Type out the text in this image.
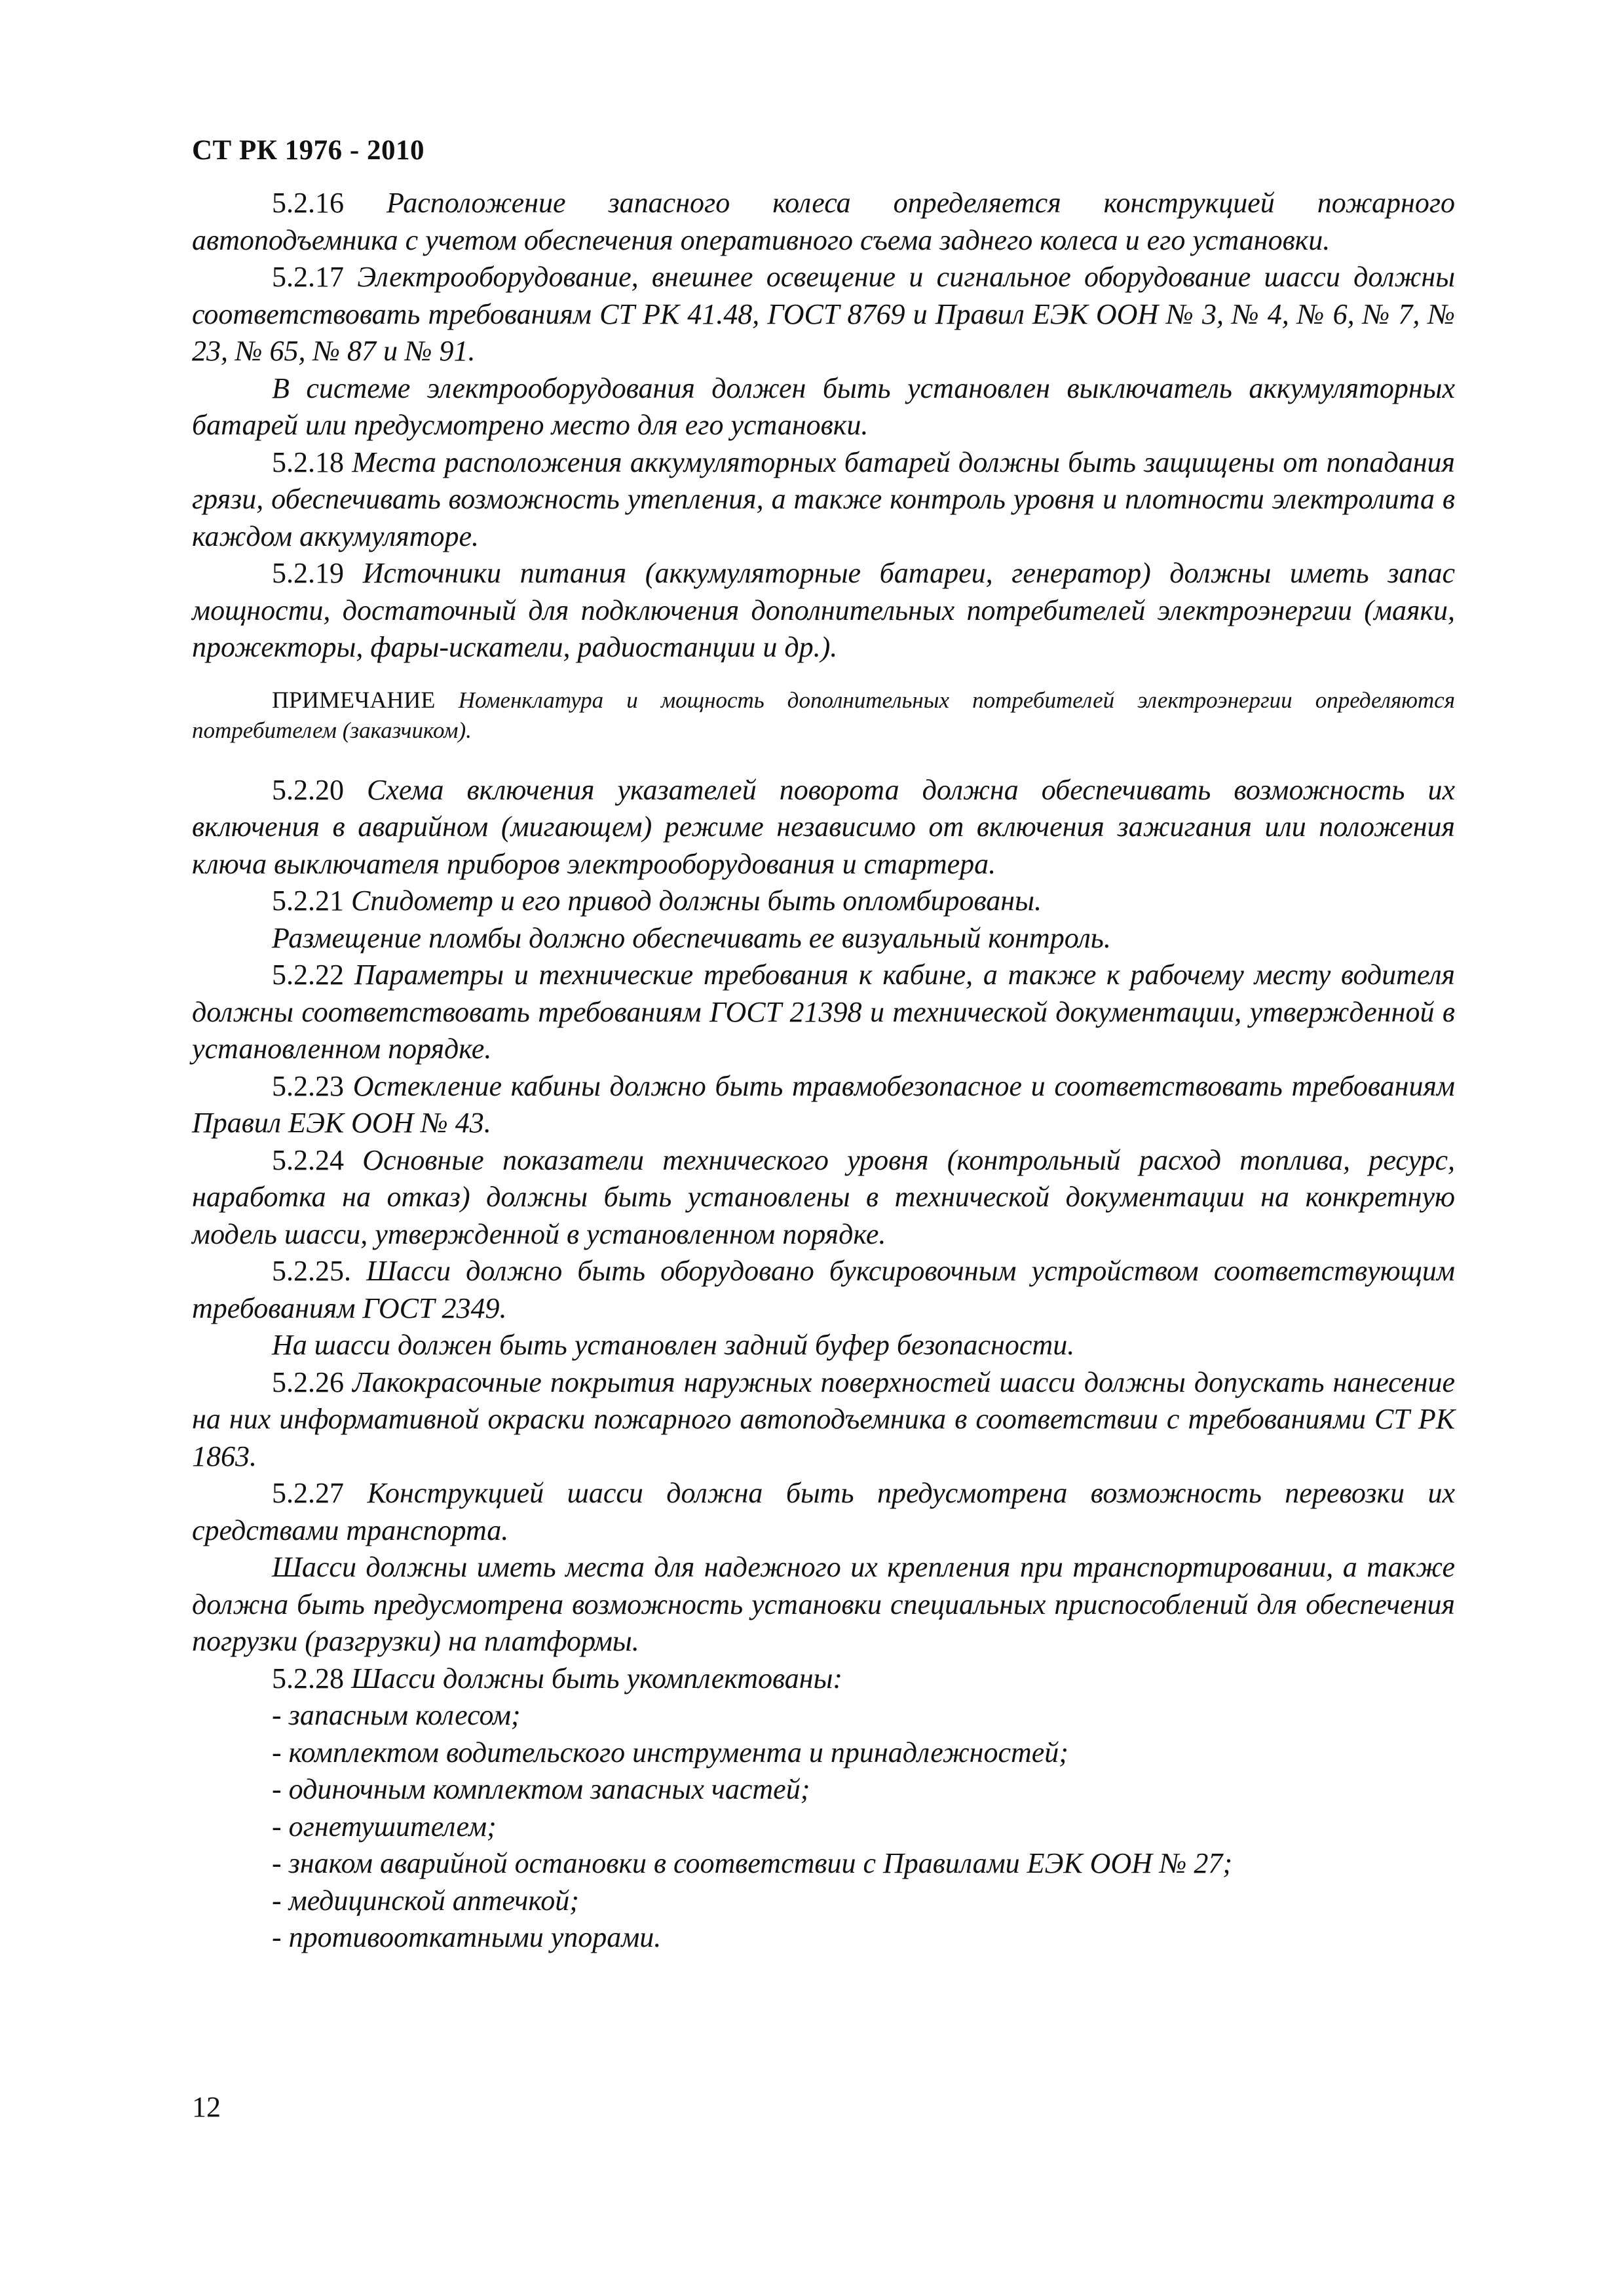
СТ РК 1976 - 2010

5.2.16 Расположение запасного колеса определяется конструкцией пожарного автоподъемника с учетом обеспечения оперативного съема заднего колеса и его установки.

5.2.17 Электрооборудование, внешнее освещение и сигнальное оборудование шасси должны соответствовать требованиям СТ РК 41.48, ГОСТ 8769 и Правил ЕЭК ООН № 3, № 4, № 6, № 7, № 23, № 65, № 87 и № 91.

В системе электрооборудования должен быть установлен выключатель аккумуляторных батарей или предусмотрено место для его установки.

5.2.18 Места расположения аккумуляторных батарей должны быть защищены от попадания грязи, обеспечивать возможность утепления, а также контроль уровня и плотности электролита в каждом аккумуляторе.

5.2.19 Источники питания (аккумуляторные батареи, генератор) должны иметь запас мощности, достаточный для подключения дополнительных потребителей электроэнергии (маяки, прожекторы, фары-искатели, радиостанции и др.).

ПРИМЕЧАНИЕ Номенклатура и мощность дополнительных потребителей электроэнергии определяются потребителем (заказчиком).

5.2.20 Схема включения указателей поворота должна обеспечивать возможность их включения в аварийном (мигающем) режиме независимо от включения зажигания или положения ключа выключателя приборов электрооборудования и стартера.

5.2.21 Спидометр и его привод должны быть опломбированы.

Размещение пломбы должно обеспечивать ее визуальный контроль.

5.2.22 Параметры и технические требования к кабине, а также к рабочему месту водителя должны соответствовать требованиям ГОСТ 21398 и технической документации, утвержденной в установленном порядке.

5.2.23 Остекление кабины должно быть травмобезопасное и соответствовать требованиям Правил ЕЭК ООН № 43.

5.2.24 Основные показатели технического уровня (контрольный расход топлива, ресурс, наработка на отказ) должны быть установлены в технической документации на конкретную модель шасси, утвержденной в установленном порядке.

5.2.25. Шасси должно быть оборудовано буксировочным устройством соответствующим требованиям ГОСТ 2349.

На шасси должен быть установлен задний буфер безопасности.

5.2.26 Лакокрасочные покрытия наружных поверхностей шасси должны допускать нанесение на них информативной окраски пожарного автоподъемника в соответствии с требованиями СТ РК 1863.

5.2.27 Конструкцией шасси должна быть предусмотрена возможность перевозки их средствами транспорта.

Шасси должны иметь места для надежного их крепления при транспортировании, а также должна быть предусмотрена возможность установки специальных приспособлений для обеспечения погрузки (разгрузки) на платформы.

5.2.28 Шасси должны быть укомплектованы:

- запасным колесом;

- комплектом водительского инструмента и принадлежностей;

- одиночным комплектом запасных частей;

- огнетушителем;

- знаком аварийной остановки в соответствии с Правилами ЕЭК ООН № 27;

- медицинской аптечкой;

- противооткатными упорами.

12
